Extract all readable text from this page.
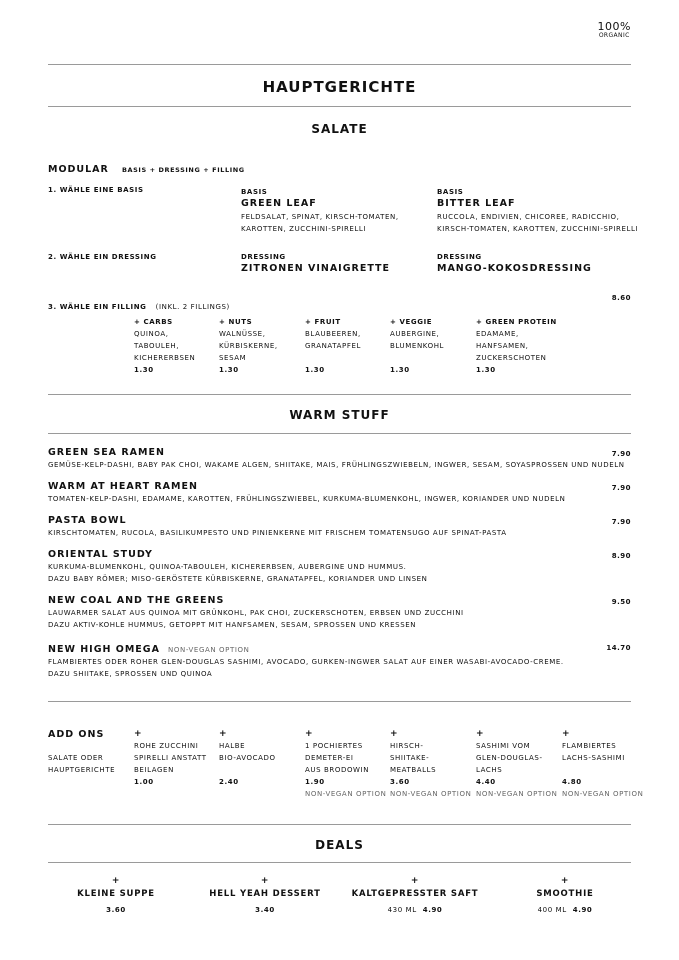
100%
ORGANIC
HAUPTGERICHTE
SALATE
MODULAR BASIS + DRESSING + FILLING
1. WÄHLE EINE BASIS	BASIS
GREEN LEAF
FELDSALAT, SPINAT, KIRSCH-TOMATEN,
KAROTTEN, ZUCCHINI-SPIRELLI
BASIS
BITTER LEAF
RUCCOLA, ENDIVIEN, CHICOREE, RADICCHIO,
KIRSCH-TOMATEN, KAROTTEN, ZUCCHINI-SPIRELLI
2. WÄHLE EIN DRESSING	DRESSING
ZITRONEN VINAIGRETTE
DRESSING
MANGO-KOKOSDRESSING
3. WÄHLE EIN FILLING (INKL. 2 FILLINGS)
8.60
+ CARBS
QUINOA,
TABOULEH,
KICHERERBSEN
1.30
+ NUTS
WALNÜSSE,
KÜRBISKERNE,
SESAM
1.30
+ FRUIT
BLAUBEEREN,
GRANATAPFEL
1.30
+ VEGGIE
AUBERGINE,
BLUMENKOHL
1.30
+ GREEN PROTEIN
EDAMAME,
HANFSAMEN,
ZUCKERSCHOTEN
1.30
WARM STUFF
GREEN SEA RAMEN
GEMÜSE-KELP-DASHI, BABY PAK CHOI, WAKAME ALGEN, SHIITAKE, MAIS, FRÜHLINGSZWIEBELN, INGWER, SESAM, SOYASPROSSEN UND NUDELN
7.90
WARM AT HEART RAMEN
TOMATEN-KELP-DASHI, EDAMAME, KAROTTEN, FRÜHLINGSZWIEBEL, KURKUMA-BLUMENKOHL, INGWER, KORIANDER UND NUDELN
7.90
PASTA BOWL
KIRSCHTOMATEN, RUCOLA, BASILIKUMPESTO UND PINIENKERNE MIT FRISCHEM TOMATENSUGO AUF SPINAT-PASTA
7.90
ORIENTAL STUDY
KURKUMA-BLUMENKOHL, QUINOA-TABOULEH, KICHERERBSEN, AUBERGINE UND HUMMUS.
DAZU BABY RÖMER; MISO-GERÖSTETE KÜRBISKERNE, GRANATAPFEL, KORIANDER UND LINSEN
8.90
NEW COAL AND THE GREENS
LAUWARMER SALAT AUS QUINOA MIT GRÜNKOHL, PAK CHOI, ZUCKERSCHOTEN, ERBSEN UND ZUCCHINI
DAZU AKTIV-KOHLE HUMMUS, GETOPPT MIT HANFSAMEN, SESAM, SPROSSEN UND KRESSEN
9.50
NEW HIGH OMEGA NON-VEGAN OPTION
FLAMBIERTES ODER ROHER GLEN-DOUGLAS SASHIMI, AVOCADO, GURKEN-INGWER SALAT AUF EINER WASABI-AVOCADO-CREME.
DAZU SHIITAKE, SPROSSEN UND QUINOA
14.70
ADD ONS
SALATE ODER
HAUPTGERICHTE
+
ROHE ZUCCHINI
SPIRELLI ANSTATT
BEILAGEN
1.00
+
HALBE
BIO-AVOCADO
2.40
+
1 POCHIERTES
DEMETER-EI
AUS BRODOWIN
1.90
NON-VEGAN OPTION
+
HIRSCH-
SHIITAKE-
MEATBALLS
3.60
NON-VEGAN OPTION
+
SASHIMI VOM
GLEN-DOUGLAS-
LACHS
4.40
NON-VEGAN OPTION
+
FLAMBIERTES
LACHS-SASHIMI
4.80
NON-VEGAN OPTION
DEALS
+
KLEINE SUPPE
3.60
+
HELL YEAH DESSERT
3.40
+
KALTGEPRESSTER SAFT
430 ML 4.90
+
SMOOTHIE
400 ML 4.90
